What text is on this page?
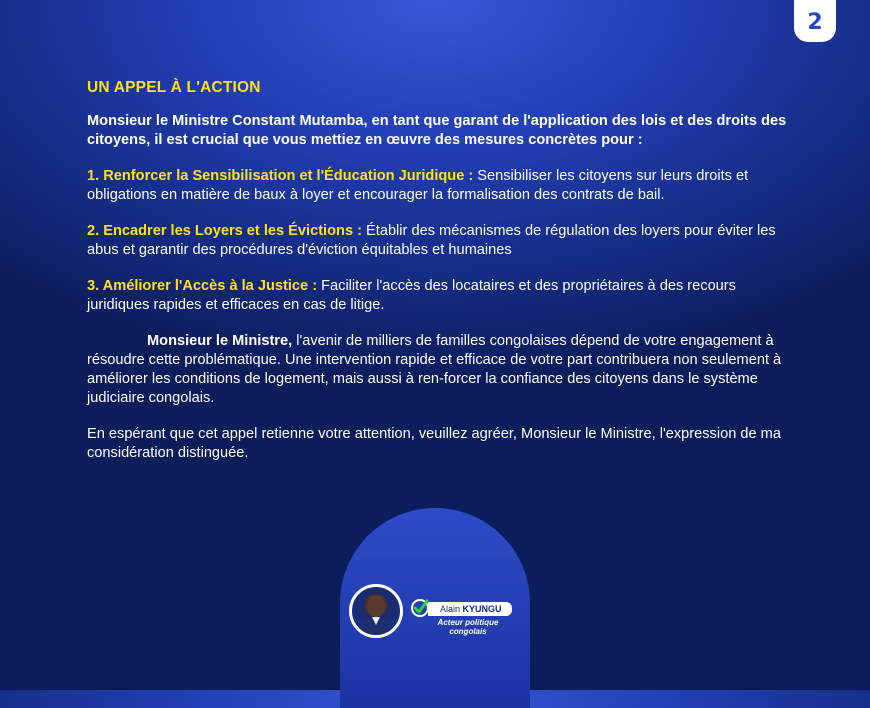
2
UN APPEL À L'ACTION

Monsieur le Ministre Constant Mutamba, en tant que garant de l'application des lois et des droits des citoyens, il est crucial que vous mettiez en œuvre des mesures concrètes pour :

1. Renforcer la Sensibilisation et l'Éducation Juridique : Sensibiliser les citoyens sur leurs droits et obligations en matière de baux à loyer et encourager la formalisation des contrats de bail.

2. Encadrer les Loyers et les Évictions : Établir des mécanismes de régulation des loyers pour éviter les abus et garantir des procédures d'éviction équitables et humaines

3. Améliorer l'Accès à la Justice : Faciliter l'accès des locataires et des propriétaires à des recours juridiques rapides et efficaces en cas de litige.

Monsieur le Ministre, l'avenir de milliers de familles congolaises dépend de votre engagement à résoudre cette problématique. Une intervention rapide et efficace de votre part contribuera non seulement à améliorer les conditions de logement, mais aussi à ren-forcer la confiance des citoyens dans le système judiciaire congolais.

En espérant que cet appel retienne votre attention, veuillez agréer, Monsieur le Ministre, l'expression de ma considération distinguée.

Alain KYUNGU
Acteur politique congolais
